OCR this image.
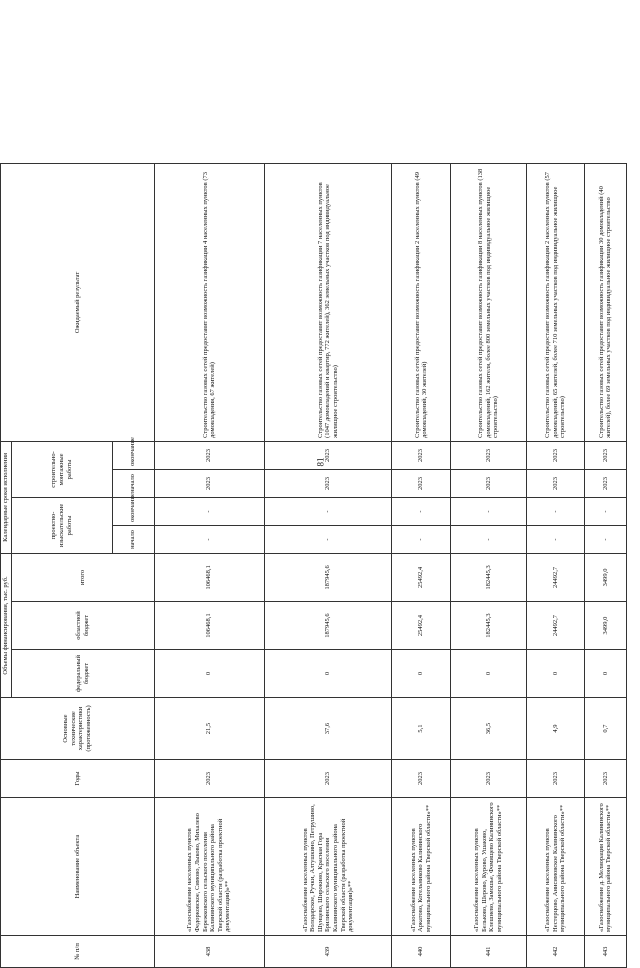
81
№ п/п	Наименование объекта	Годы	Основные технические характеристики (протяженность)	Объемы финансирования, тыс. руб.			Календарные сроки исполнения				Ожидаемый результат
				федеральный бюджет	областной бюджет	итого	проектно-изыскательские работы		строительно-монтажные работы		
							начало	окончание	начало	окончание	
438	«Газоснабжение населенных пунктов Федорковское, Симово, Лыково, Михалево Бережковского сельского поселения Калининского муниципального района Тверской области (разработка проектной документации)»**	2023	21,5	0	106468,1	106468,1	-	-	2023	2023	Строительство газовых сетей предоставит возможность газификации 4 населенных пунктов (73 домовладения, 67 жителей)
439	«Газоснабжение населенных пунктов Володарское, Ручки, Алтушкино, Петрушино, Шунцево, Широкино, Красная Гора Брилинского сельского поселения Калининского муниципального района Тверской области (разработка проектной документации)»**	2023	37,6	0	187945,6	187945,6	-	-	2023	2023	Строительство газовых сетей предоставит возможность газификации 7 населенных пунктов (1047 домовладений и квартир, 772 жителей), 362 земельных участков под индивидуальное жилищное строительство)
440	«Газоснабжение населенных пунктов Аркатово, Котельниково Калининского муниципального района Тверской области»**	2023	5,1	0	25492,4	25492,4	-	-	2023	2023	Строительство газовых сетей предоставит возможность газификации 2 населенных пунктов (49 домовладений, 30 жителей)
441	«Газоснабжение населенных пунктов Бельково, Шерово, Курово, Ушаково, Клешнево, Замошье, Фомищево Калининского муниципального района Тверской области»**	2023	36,5	0	182445,3	182445,3	-	-	2023	2023	Строительство газовых сетей предоставит возможность газификации 8 населенных пунктов (138 домовладений, 162 жителя, более 800 земельных участков под индивидуальное жилищное строительство)
442	«Газоснабжение населенных пунктов Нестерцово, Анисимовское Калининского муниципального района Тверской области»**	2023	4,9	0	24492,7	24492,7	-	-	2023	2023	Строительство газовых сетей предоставит возможность газификации 2 населенных пунктов (57 домовладений, 65 жителей, более 710 земельных участков под индивидуальное жилищное строительство)
443	«Газоснабжение д. Мелиорация Калининского муниципального района Тверской области»**	2023	0,7	0	3499,0	3499,0	-	-	2023	2023	Строительство газовых сетей предоставит возможность газификации 30 домовладений (40 жителей), более 69 земельных участков под индивидуальное жилищное строительство
